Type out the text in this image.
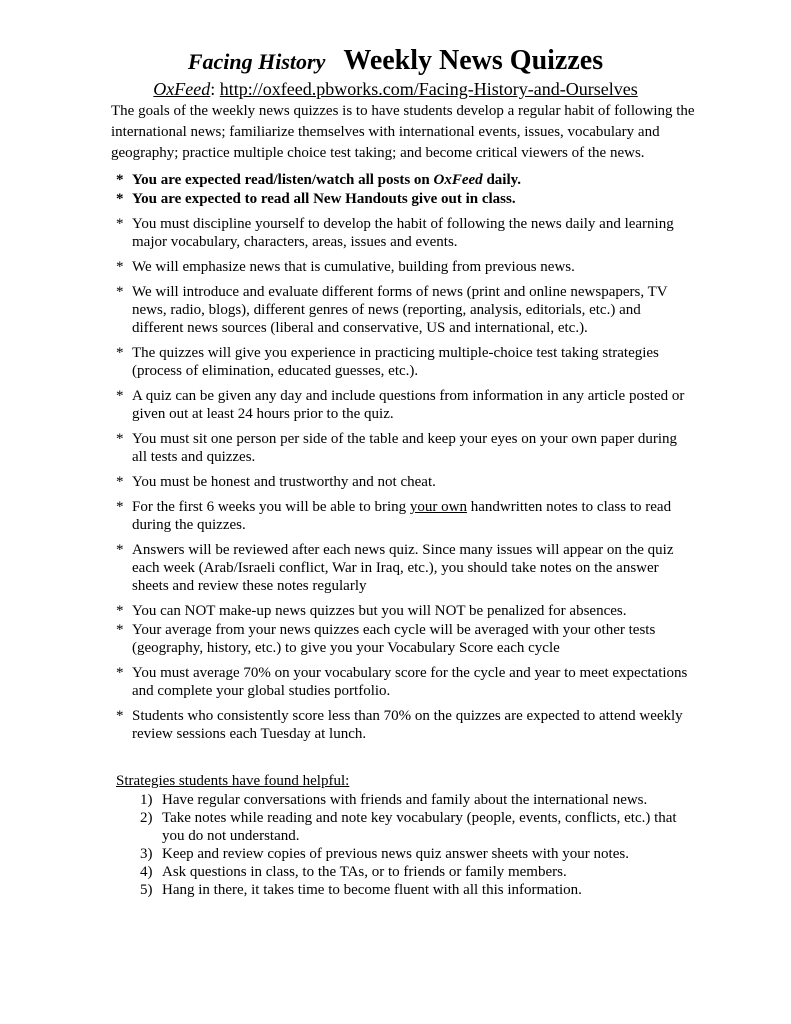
Facing History Weekly News Quizzes
OxFeed: http://oxfeed.pbworks.com/Facing-History-and-Ourselves

The goals of the weekly news quizzes is to have students develop a regular habit of following the international news; familiarize themselves with international events, issues, vocabulary and geography; practice multiple choice test taking; and become critical viewers of the news.

* You are expected read/listen/watch all posts on OxFeed daily.
* You are expected to read all New Handouts give out in class.
* You must discipline yourself to develop the habit of following the news daily and learning major vocabulary, characters, areas, issues and events.
* We will emphasize news that is cumulative, building from previous news.
* We will introduce and evaluate different forms of news (print and online newspapers, TV news, radio, blogs), different genres of news (reporting, analysis, editorials, etc.) and different news sources (liberal and conservative, US and international, etc.).
* The quizzes will give you experience in practicing multiple-choice test taking strategies (process of elimination, educated guesses, etc.).
* A quiz can be given any day and include questions from information in any article posted or given out at least 24 hours prior to the quiz.
* You must sit one person per side of the table and keep your eyes on your own paper during all tests and quizzes.
* You must be honest and trustworthy and not cheat.
* For the first 6 weeks you will be able to bring your own handwritten notes to class to read during the quizzes.
* Answers will be reviewed after each news quiz. Since many issues will appear on the quiz each week (Arab/Israeli conflict, War in Iraq, etc.), you should take notes on the answer sheets and review these notes regularly
* You can NOT make-up news quizzes but you will NOT be penalized for absences.
* Your average from your news quizzes each cycle will be averaged with your other tests (geography, history, etc.) to give you your Vocabulary Score each cycle
* You must average 70% on your vocabulary score for the cycle and year to meet expectations and complete your global studies portfolio.
* Students who consistently score less than 70% on the quizzes are expected to attend weekly review sessions each Tuesday at lunch.
Strategies students have found helpful:
1) Have regular conversations with friends and family about the international news.
2) Take notes while reading and note key vocabulary (people, events, conflicts, etc.) that you do not understand.
3) Keep and review copies of previous news quiz answer sheets with your notes.
4) Ask questions in class, to the TAs, or to friends or family members.
5) Hang in there, it takes time to become fluent with all this information.
